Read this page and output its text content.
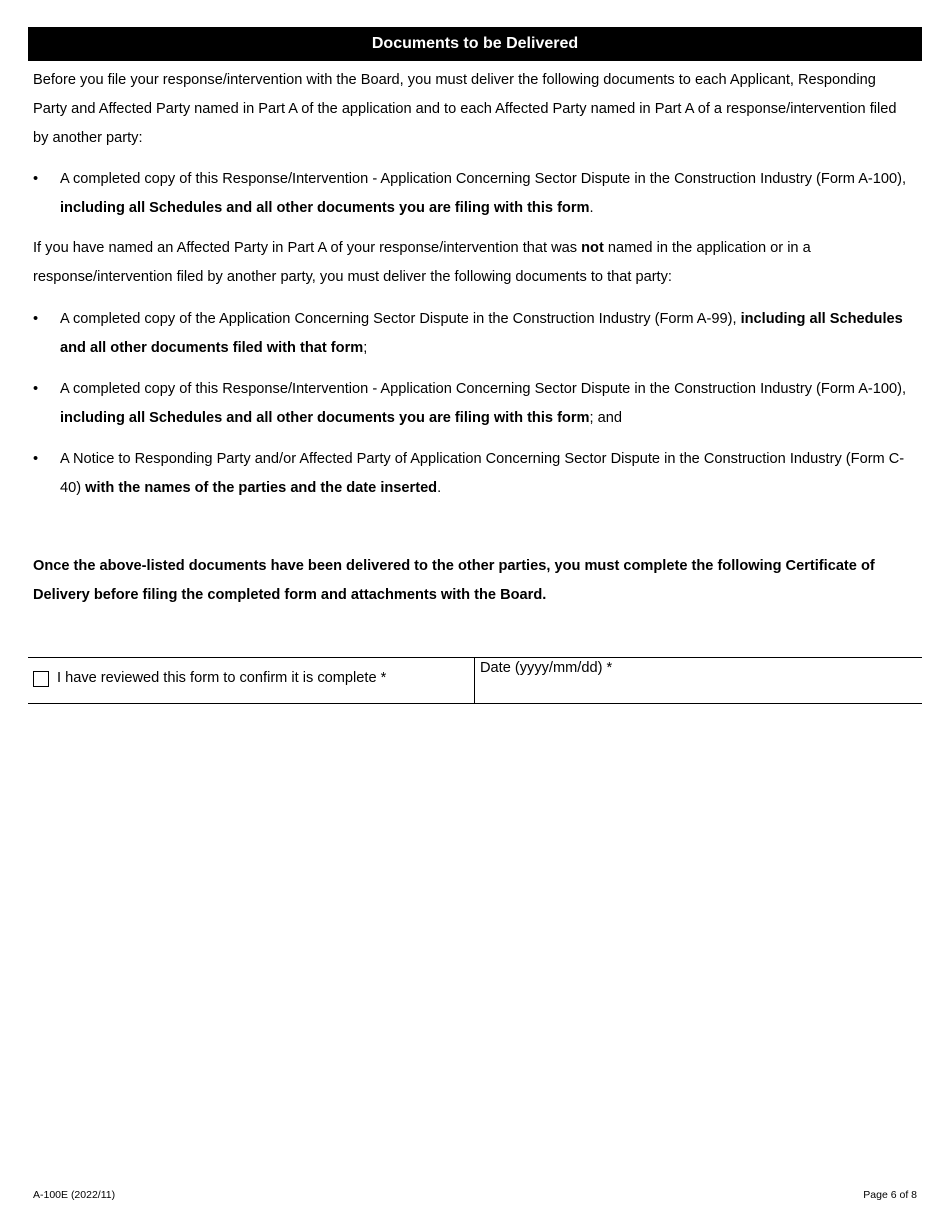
Documents to be Delivered
Before you file your response/intervention with the Board, you must deliver the following documents to each Applicant, Responding Party and Affected Party named in Part A of the application and to each Affected Party named in Part A of a response/intervention filed by another party:
• A completed copy of this Response/Intervention - Application Concerning Sector Dispute in the Construction Industry (Form A-100), including all Schedules and all other documents you are filing with this form.
If you have named an Affected Party in Part A of your response/intervention that was not named in the application or in a response/intervention filed by another party, you must deliver the following documents to that party:
• A completed copy of the Application Concerning Sector Dispute in the Construction Industry (Form A-99), including all Schedules and all other documents filed with that form;
• A completed copy of this Response/Intervention - Application Concerning Sector Dispute in the Construction Industry (Form A-100), including all Schedules and all other documents you are filing with this form; and
• A Notice to Responding Party and/or Affected Party of Application Concerning Sector Dispute in the Construction Industry (Form C-40) with the names of the parties and the date inserted.
Once the above-listed documents have been delivered to the other parties, you must complete the following Certificate of Delivery before filing the completed form and attachments with the Board.
I have reviewed this form to confirm it is complete *
Date (yyyy/mm/dd) *
A-100E (2022/11)	Page 6 of 8
